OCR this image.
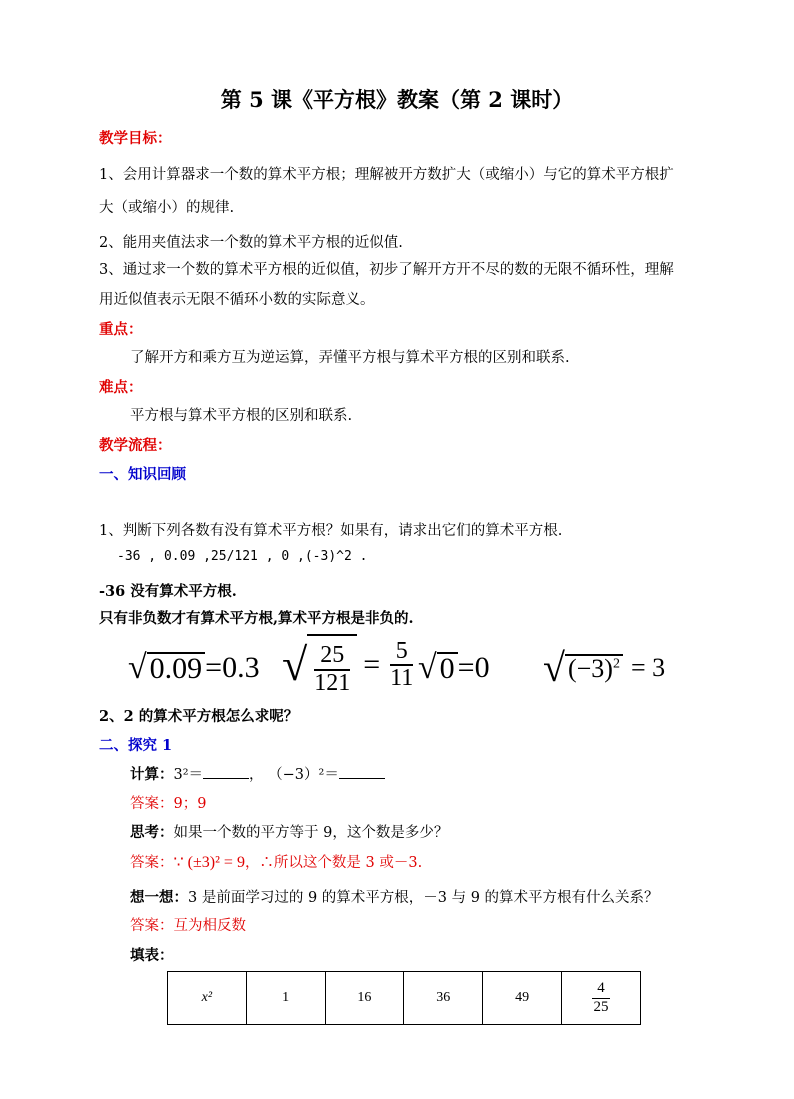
第 5 课《平方根》教案（第 2 课时）
教学目标：
1、会用计算器求一个数的算术平方根；理解被开方数扩大（或缩小）与它的算术平方根扩
大（或缩小）的规律.
2、能用夹值法求一个数的算术平方根的近似值.
3、通过求一个数的算术平方根的近似值，初步了解开方开不尽的数的无限不循环性，理解
用近似值表示无限不循环小数的实际意义。
重点：
了解开方和乘方互为逆运算，弄懂平方根与算术平方根的区别和联系.
难点：
平方根与算术平方根的区别和联系.
教学流程：
一、知识回顾
1、判断下列各数有没有算术平方根？如果有，请求出它们的算术平方根.
-36 , 0.09 ,25/121 , 0 ,(-3)^2 .
-36 没有算术平方根.
只有非负数才有算术平方根,算术平方根是非负的.
√ 0.09 =0.3 √ $\frac{25}{121} = \frac{5}{11}$ √ 0 =0 √ $(-3)^2 = 3$
2、2 的算术平方根怎么求呢？
二、探究 1
计算：3²＝	， （−3）²＝
答案：9；9
思考：如果一个数的平方等于 9，这个数是多少？
答案：∵ (±3)² = 9，∴所以这个数是 3 或－3.
想一想：3 是前面学习过的 9 的算术平方根，－3 与 9 的算术平方根有什么关系？
答案：互为相反数
填表：
x²	1	16	36	49	$\frac{4}{25}$
